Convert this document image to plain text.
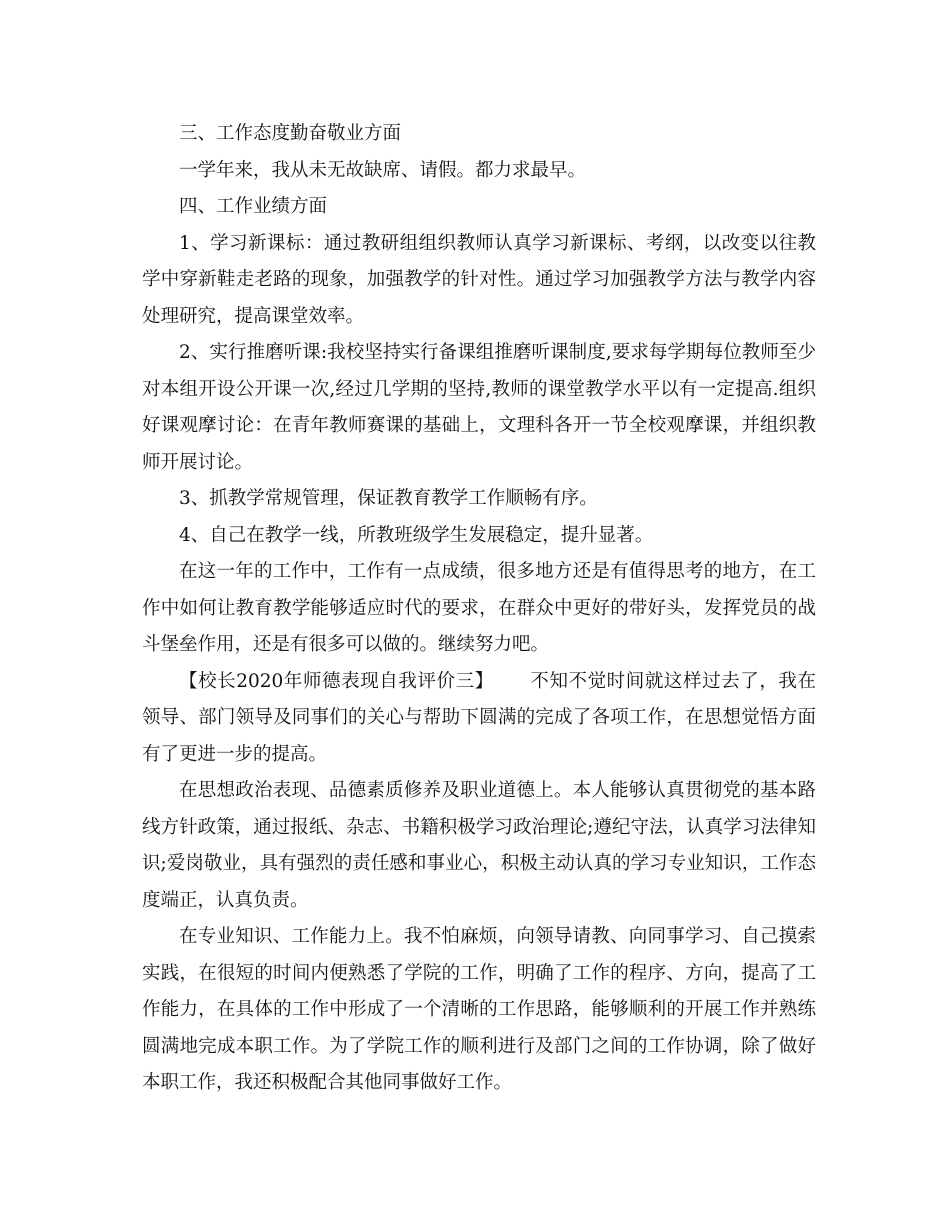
三、工作态度勤奋敬业方面

一学年来，我从未无故缺席、请假。都力求最早。

四、工作业绩方面

1、学习新课标：通过教研组组织教师认真学习新课标、考纲，以改变以往教学中穿新鞋走老路的现象，加强教学的针对性。通过学习加强教学方法与教学内容处理研究，提高课堂效率。

2、实行推磨听课:我校坚持实行备课组推磨听课制度,要求每学期每位教师至少对本组开设公开课一次,经过几学期的坚持,教师的课堂教学水平以有一定提高.组织好课观摩讨论：在青年教师赛课的基础上，文理科各开一节全校观摩课，并组织教师开展讨论。

3、抓教学常规管理，保证教育教学工作顺畅有序。

4、自己在教学一线，所教班级学生发展稳定，提升显著。

在这一年的工作中，工作有一点成绩，很多地方还是有值得思考的地方，在工作中如何让教育教学能够适应时代的要求，在群众中更好的带好头，发挥党员的战斗堡垒作用，还是有很多可以做的。继续努力吧。

【校长2020年师德表现自我评价三】 不知不觉时间就这样过去了，我在领导、部门领导及同事们的关心与帮助下圆满的完成了各项工作，在思想觉悟方面有了更进一步的提高。

在思想政治表现、品德素质修养及职业道德上。本人能够认真贯彻党的基本路线方针政策，通过报纸、杂志、书籍积极学习政治理论;遵纪守法，认真学习法律知识;爱岗敬业，具有强烈的责任感和事业心，积极主动认真的学习专业知识，工作态度端正，认真负责。

在专业知识、工作能力上。我不怕麻烦，向领导请教、向同事学习、自己摸索实践，在很短的时间内便熟悉了学院的工作，明确了工作的程序、方向，提高了工作能力，在具体的工作中形成了一个清晰的工作思路，能够顺利的开展工作并熟练圆满地完成本职工作。为了学院工作的顺利进行及部门之间的工作协调，除了做好本职工作，我还积极配合其他同事做好工作。
